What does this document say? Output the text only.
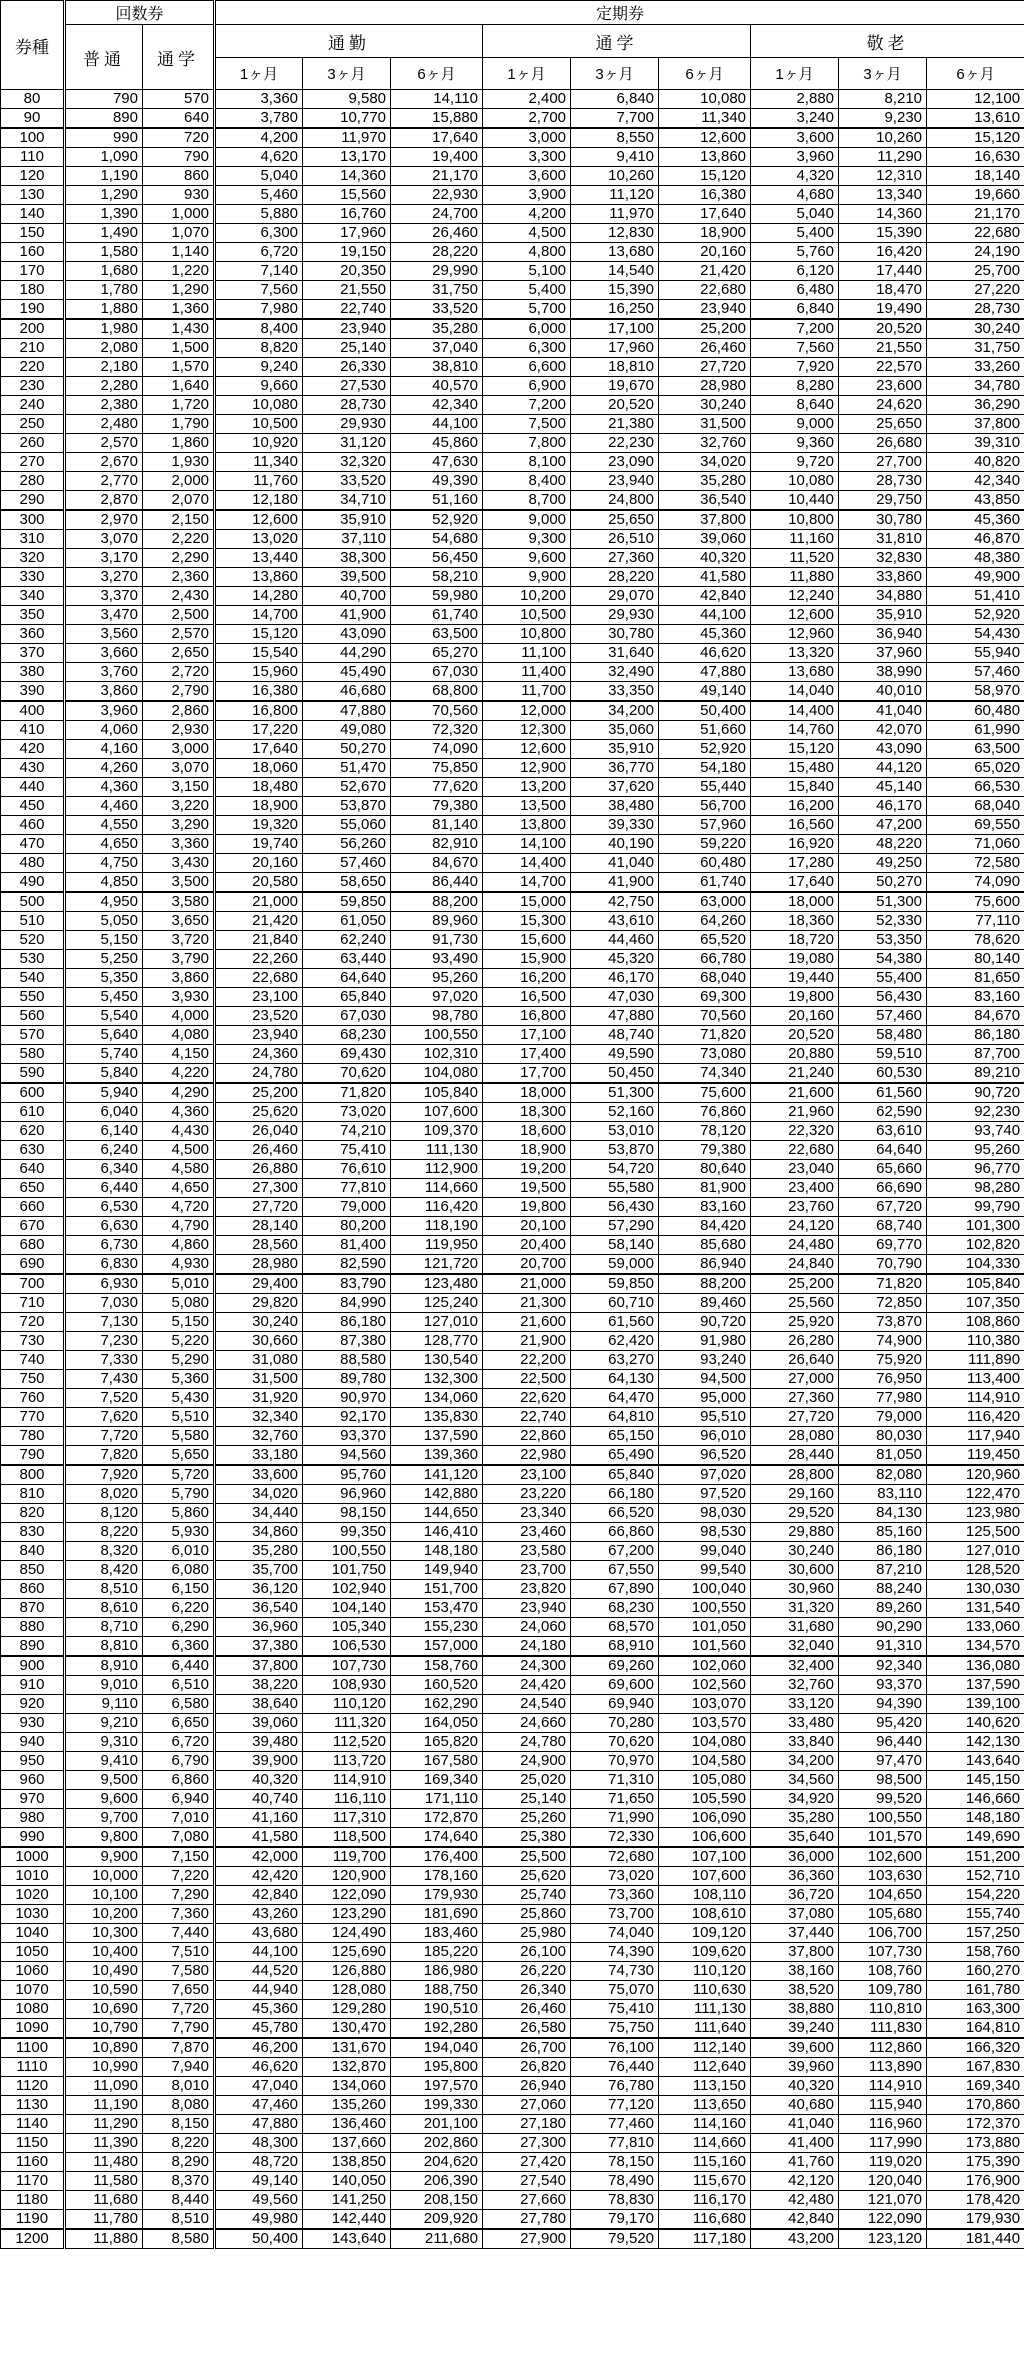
券種	回数券		定期券								
	普通	通学	通勤			通学			敬老		
			1ヶ月	3ヶ月	6ヶ月	1ヶ月	3ヶ月	6ヶ月	1ヶ月	3ヶ月	6ヶ月
80	790	570	3,360	9,580	14,110	2,400	6,840	10,080	2,880	8,210	12,100
90	890	640	3,780	10,770	15,880	2,700	7,700	11,340	3,240	9,230	13,610
100	990	720	4,200	11,970	17,640	3,000	8,550	12,600	3,600	10,260	15,120
110	1,090	790	4,620	13,170	19,400	3,300	9,410	13,860	3,960	11,290	16,630
120	1,190	860	5,040	14,360	21,170	3,600	10,260	15,120	4,320	12,310	18,140
130	1,290	930	5,460	15,560	22,930	3,900	11,120	16,380	4,680	13,340	19,660
140	1,390	1,000	5,880	16,760	24,700	4,200	11,970	17,640	5,040	14,360	21,170
150	1,490	1,070	6,300	17,960	26,460	4,500	12,830	18,900	5,400	15,390	22,680
160	1,580	1,140	6,720	19,150	28,220	4,800	13,680	20,160	5,760	16,420	24,190
170	1,680	1,220	7,140	20,350	29,990	5,100	14,540	21,420	6,120	17,440	25,700
180	1,780	1,290	7,560	21,550	31,750	5,400	15,390	22,680	6,480	18,470	27,220
190	1,880	1,360	7,980	22,740	33,520	5,700	16,250	23,940	6,840	19,490	28,730
200	1,980	1,430	8,400	23,940	35,280	6,000	17,100	25,200	7,200	20,520	30,240
210	2,080	1,500	8,820	25,140	37,040	6,300	17,960	26,460	7,560	21,550	31,750
220	2,180	1,570	9,240	26,330	38,810	6,600	18,810	27,720	7,920	22,570	33,260
230	2,280	1,640	9,660	27,530	40,570	6,900	19,670	28,980	8,280	23,600	34,780
240	2,380	1,720	10,080	28,730	42,340	7,200	20,520	30,240	8,640	24,620	36,290
250	2,480	1,790	10,500	29,930	44,100	7,500	21,380	31,500	9,000	25,650	37,800
260	2,570	1,860	10,920	31,120	45,860	7,800	22,230	32,760	9,360	26,680	39,310
270	2,670	1,930	11,340	32,320	47,630	8,100	23,090	34,020	9,720	27,700	40,820
280	2,770	2,000	11,760	33,520	49,390	8,400	23,940	35,280	10,080	28,730	42,340
290	2,870	2,070	12,180	34,710	51,160	8,700	24,800	36,540	10,440	29,750	43,850
300	2,970	2,150	12,600	35,910	52,920	9,000	25,650	37,800	10,800	30,780	45,360
310	3,070	2,220	13,020	37,110	54,680	9,300	26,510	39,060	11,160	31,810	46,870
320	3,170	2,290	13,440	38,300	56,450	9,600	27,360	40,320	11,520	32,830	48,380
330	3,270	2,360	13,860	39,500	58,210	9,900	28,220	41,580	11,880	33,860	49,900
340	3,370	2,430	14,280	40,700	59,980	10,200	29,070	42,840	12,240	34,880	51,410
350	3,470	2,500	14,700	41,900	61,740	10,500	29,930	44,100	12,600	35,910	52,920
360	3,560	2,570	15,120	43,090	63,500	10,800	30,780	45,360	12,960	36,940	54,430
370	3,660	2,650	15,540	44,290	65,270	11,100	31,640	46,620	13,320	37,960	55,940
380	3,760	2,720	15,960	45,490	67,030	11,400	32,490	47,880	13,680	38,990	57,460
390	3,860	2,790	16,380	46,680	68,800	11,700	33,350	49,140	14,040	40,010	58,970
400	3,960	2,860	16,800	47,880	70,560	12,000	34,200	50,400	14,400	41,040	60,480
410	4,060	2,930	17,220	49,080	72,320	12,300	35,060	51,660	14,760	42,070	61,990
420	4,160	3,000	17,640	50,270	74,090	12,600	35,910	52,920	15,120	43,090	63,500
430	4,260	3,070	18,060	51,470	75,850	12,900	36,770	54,180	15,480	44,120	65,020
440	4,360	3,150	18,480	52,670	77,620	13,200	37,620	55,440	15,840	45,140	66,530
450	4,460	3,220	18,900	53,870	79,380	13,500	38,480	56,700	16,200	46,170	68,040
460	4,550	3,290	19,320	55,060	81,140	13,800	39,330	57,960	16,560	47,200	69,550
470	4,650	3,360	19,740	56,260	82,910	14,100	40,190	59,220	16,920	48,220	71,060
480	4,750	3,430	20,160	57,460	84,670	14,400	41,040	60,480	17,280	49,250	72,580
490	4,850	3,500	20,580	58,650	86,440	14,700	41,900	61,740	17,640	50,270	74,090
500	4,950	3,580	21,000	59,850	88,200	15,000	42,750	63,000	18,000	51,300	75,600
510	5,050	3,650	21,420	61,050	89,960	15,300	43,610	64,260	18,360	52,330	77,110
520	5,150	3,720	21,840	62,240	91,730	15,600	44,460	65,520	18,720	53,350	78,620
530	5,250	3,790	22,260	63,440	93,490	15,900	45,320	66,780	19,080	54,380	80,140
540	5,350	3,860	22,680	64,640	95,260	16,200	46,170	68,040	19,440	55,400	81,650
550	5,450	3,930	23,100	65,840	97,020	16,500	47,030	69,300	19,800	56,430	83,160
560	5,540	4,000	23,520	67,030	98,780	16,800	47,880	70,560	20,160	57,460	84,670
570	5,640	4,080	23,940	68,230	100,550	17,100	48,740	71,820	20,520	58,480	86,180
580	5,740	4,150	24,360	69,430	102,310	17,400	49,590	73,080	20,880	59,510	87,700
590	5,840	4,220	24,780	70,620	104,080	17,700	50,450	74,340	21,240	60,530	89,210
600	5,940	4,290	25,200	71,820	105,840	18,000	51,300	75,600	21,600	61,560	90,720
610	6,040	4,360	25,620	73,020	107,600	18,300	52,160	76,860	21,960	62,590	92,230
620	6,140	4,430	26,040	74,210	109,370	18,600	53,010	78,120	22,320	63,610	93,740
630	6,240	4,500	26,460	75,410	111,130	18,900	53,870	79,380	22,680	64,640	95,260
640	6,340	4,580	26,880	76,610	112,900	19,200	54,720	80,640	23,040	65,660	96,770
650	6,440	4,650	27,300	77,810	114,660	19,500	55,580	81,900	23,400	66,690	98,280
660	6,530	4,720	27,720	79,000	116,420	19,800	56,430	83,160	23,760	67,720	99,790
670	6,630	4,790	28,140	80,200	118,190	20,100	57,290	84,420	24,120	68,740	101,300
680	6,730	4,860	28,560	81,400	119,950	20,400	58,140	85,680	24,480	69,770	102,820
690	6,830	4,930	28,980	82,590	121,720	20,700	59,000	86,940	24,840	70,790	104,330
700	6,930	5,010	29,400	83,790	123,480	21,000	59,850	88,200	25,200	71,820	105,840
710	7,030	5,080	29,820	84,990	125,240	21,300	60,710	89,460	25,560	72,850	107,350
720	7,130	5,150	30,240	86,180	127,010	21,600	61,560	90,720	25,920	73,870	108,860
730	7,230	5,220	30,660	87,380	128,770	21,900	62,420	91,980	26,280	74,900	110,380
740	7,330	5,290	31,080	88,580	130,540	22,200	63,270	93,240	26,640	75,920	111,890
750	7,430	5,360	31,500	89,780	132,300	22,500	64,130	94,500	27,000	76,950	113,400
760	7,520	5,430	31,920	90,970	134,060	22,620	64,470	95,000	27,360	77,980	114,910
770	7,620	5,510	32,340	92,170	135,830	22,740	64,810	95,510	27,720	79,000	116,420
780	7,720	5,580	32,760	93,370	137,590	22,860	65,150	96,010	28,080	80,030	117,940
790	7,820	5,650	33,180	94,560	139,360	22,980	65,490	96,520	28,440	81,050	119,450
800	7,920	5,720	33,600	95,760	141,120	23,100	65,840	97,020	28,800	82,080	120,960
810	8,020	5,790	34,020	96,960	142,880	23,220	66,180	97,520	29,160	83,110	122,470
820	8,120	5,860	34,440	98,150	144,650	23,340	66,520	98,030	29,520	84,130	123,980
830	8,220	5,930	34,860	99,350	146,410	23,460	66,860	98,530	29,880	85,160	125,500
840	8,320	6,010	35,280	100,550	148,180	23,580	67,200	99,040	30,240	86,180	127,010
850	8,420	6,080	35,700	101,750	149,940	23,700	67,550	99,540	30,600	87,210	128,520
860	8,510	6,150	36,120	102,940	151,700	23,820	67,890	100,040	30,960	88,240	130,030
870	8,610	6,220	36,540	104,140	153,470	23,940	68,230	100,550	31,320	89,260	131,540
880	8,710	6,290	36,960	105,340	155,230	24,060	68,570	101,050	31,680	90,290	133,060
890	8,810	6,360	37,380	106,530	157,000	24,180	68,910	101,560	32,040	91,310	134,570
900	8,910	6,440	37,800	107,730	158,760	24,300	69,260	102,060	32,400	92,340	136,080
910	9,010	6,510	38,220	108,930	160,520	24,420	69,600	102,560	32,760	93,370	137,590
920	9,110	6,580	38,640	110,120	162,290	24,540	69,940	103,070	33,120	94,390	139,100
930	9,210	6,650	39,060	111,320	164,050	24,660	70,280	103,570	33,480	95,420	140,620
940	9,310	6,720	39,480	112,520	165,820	24,780	70,620	104,080	33,840	96,440	142,130
950	9,410	6,790	39,900	113,720	167,580	24,900	70,970	104,580	34,200	97,470	143,640
960	9,500	6,860	40,320	114,910	169,340	25,020	71,310	105,080	34,560	98,500	145,150
970	9,600	6,940	40,740	116,110	171,110	25,140	71,650	105,590	34,920	99,520	146,660
980	9,700	7,010	41,160	117,310	172,870	25,260	71,990	106,090	35,280	100,550	148,180
990	9,800	7,080	41,580	118,500	174,640	25,380	72,330	106,600	35,640	101,570	149,690
1000	9,900	7,150	42,000	119,700	176,400	25,500	72,680	107,100	36,000	102,600	151,200
1010	10,000	7,220	42,420	120,900	178,160	25,620	73,020	107,600	36,360	103,630	152,710
1020	10,100	7,290	42,840	122,090	179,930	25,740	73,360	108,110	36,720	104,650	154,220
1030	10,200	7,360	43,260	123,290	181,690	25,860	73,700	108,610	37,080	105,680	155,740
1040	10,300	7,440	43,680	124,490	183,460	25,980	74,040	109,120	37,440	106,700	157,250
1050	10,400	7,510	44,100	125,690	185,220	26,100	74,390	109,620	37,800	107,730	158,760
1060	10,490	7,580	44,520	126,880	186,980	26,220	74,730	110,120	38,160	108,760	160,270
1070	10,590	7,650	44,940	128,080	188,750	26,340	75,070	110,630	38,520	109,780	161,780
1080	10,690	7,720	45,360	129,280	190,510	26,460	75,410	111,130	38,880	110,810	163,300
1090	10,790	7,790	45,780	130,470	192,280	26,580	75,750	111,640	39,240	111,830	164,810
1100	10,890	7,870	46,200	131,670	194,040	26,700	76,100	112,140	39,600	112,860	166,320
1110	10,990	7,940	46,620	132,870	195,800	26,820	76,440	112,640	39,960	113,890	167,830
1120	11,090	8,010	47,040	134,060	197,570	26,940	76,780	113,150	40,320	114,910	169,340
1130	11,190	8,080	47,460	135,260	199,330	27,060	77,120	113,650	40,680	115,940	170,860
1140	11,290	8,150	47,880	136,460	201,100	27,180	77,460	114,160	41,040	116,960	172,370
1150	11,390	8,220	48,300	137,660	202,860	27,300	77,810	114,660	41,400	117,990	173,880
1160	11,480	8,290	48,720	138,850	204,620	27,420	78,150	115,160	41,760	119,020	175,390
1170	11,580	8,370	49,140	140,050	206,390	27,540	78,490	115,670	42,120	120,040	176,900
1180	11,680	8,440	49,560	141,250	208,150	27,660	78,830	116,170	42,480	121,070	178,420
1190	11,780	8,510	49,980	142,440	209,920	27,780	79,170	116,680	42,840	122,090	179,930
1200	11,880	8,580	50,400	143,640	211,680	27,900	79,520	117,180	43,200	123,120	181,440
